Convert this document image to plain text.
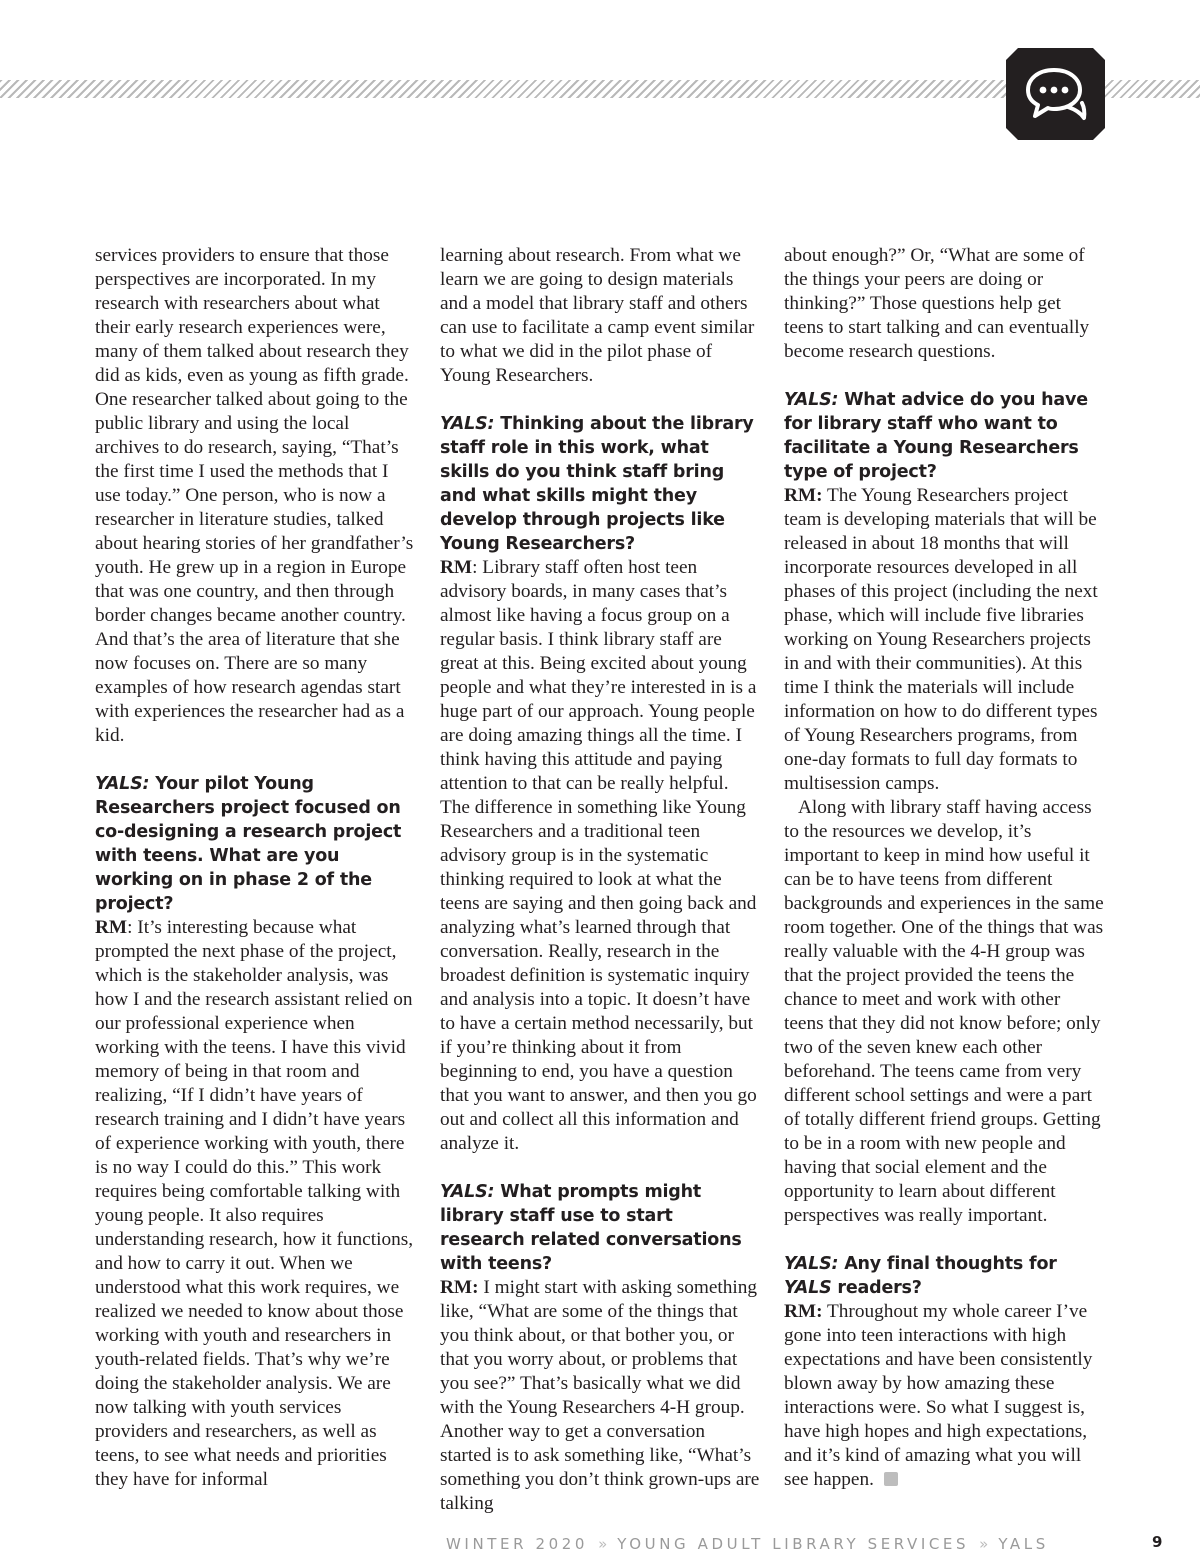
services providers to ensure that those perspectives are incorporated. In my research with researchers about what their early research experiences were, many of them talked about research they did as kids, even as young as fifth grade. One researcher talked about going to the public library and using the local archives to do research, saying, “That’s the first time I used the methods that I use today.” One person, who is now a researcher in literature studies, talked about hearing stories of her grandfather’s youth. He grew up in a region in Europe that was one country, and then through border changes became another country. And that’s the area of literature that she now focuses on. There are so many examples of how research agendas start with experiences the researcher had as a kid.

YALS: Your pilot Young Researchers project focused on co-designing a research project with teens. What are you working on in phase 2 of the project?

RM: It’s interesting because what prompted the next phase of the project, which is the stakeholder analysis, was how I and the research assistant relied on our professional experience when working with the teens. I have this vivid memory of being in that room and realizing, “If I didn’t have years of research training and I didn’t have years of experience working with youth, there is no way I could do this.” This work requires being comfortable talking with young people. It also requires understanding research, how it functions, and how to carry it out. When we understood what this work requires, we realized we needed to know about those working with youth and researchers in youth-related fields. That’s why we’re doing the stakeholder analysis. We are now talking with youth services providers and researchers, as well as teens, to see what needs and priorities they have for informal

learning about research. From what we learn we are going to design materials and a model that library staff and others can use to facilitate a camp event similar to what we did in the pilot phase of Young Researchers.

YALS: Thinking about the library staff role in this work, what skills do you think staff bring and what skills might they develop through projects like Young Researchers?

RM: Library staff often host teen advisory boards, in many cases that’s almost like having a focus group on a regular basis. I think library staff are great at this. Being excited about young people and what they’re interested in is a huge part of our approach. Young people are doing amazing things all the time. I think having this attitude and paying attention to that can be really helpful. The difference in something like Young Researchers and a traditional teen advisory group is in the systematic thinking required to look at what the teens are saying and then going back and analyzing what’s learned through that conversation. Really, research in the broadest definition is systematic inquiry and analysis into a topic. It doesn’t have to have a certain method necessarily, but if you’re thinking about it from beginning to end, you have a question that you want to answer, and then you go out and collect all this information and analyze it.

YALS: What prompts might library staff use to start research related conversations with teens?

RM: I might start with asking something like, “What are some of the things that you think about, or that bother you, or that you worry about, or problems that you see?” That’s basically what we did with the Young Researchers 4-H group. Another way to get a conversation started is to ask something like, “What’s something you don’t think grown-ups are talking

about enough?” Or, “What are some of the things your peers are doing or thinking?” Those questions help get teens to start talking and can eventually become research questions.

YALS: What advice do you have for library staff who want to facilitate a Young Researchers type of project?

RM: The Young Researchers project team is developing materials that will be released in about 18 months that will incorporate resources developed in all phases of this project (including the next phase, which will include five libraries working on Young Researchers projects in and with their communities). At this time I think the materials will include information on how to do different types of Young Researchers programs, from one-day formats to full day formats to multisession camps.

Along with library staff having access to the resources we develop, it’s important to keep in mind how useful it can be to have teens from different backgrounds and experiences in the same room together. One of the things that was really valuable with the 4-H group was that the project provided the teens the chance to meet and work with other teens that they did not know before; only two of the seven knew each other beforehand. The teens came from very different school settings and were a part of totally different friend groups. Getting to be in a room with new people and having that social element and the opportunity to learn about different perspectives was really important.

YALS: Any final thoughts for YALS readers?

RM: Throughout my whole career I’ve gone into teen interactions with high expectations and have been consistently blown away by how amazing these interactions were. So what I suggest is, have high hopes and high expectations, and it’s kind of amazing what you will see happen.

WINTER 2020 » YOUNG ADULT LIBRARY SERVICES » YALS	9
